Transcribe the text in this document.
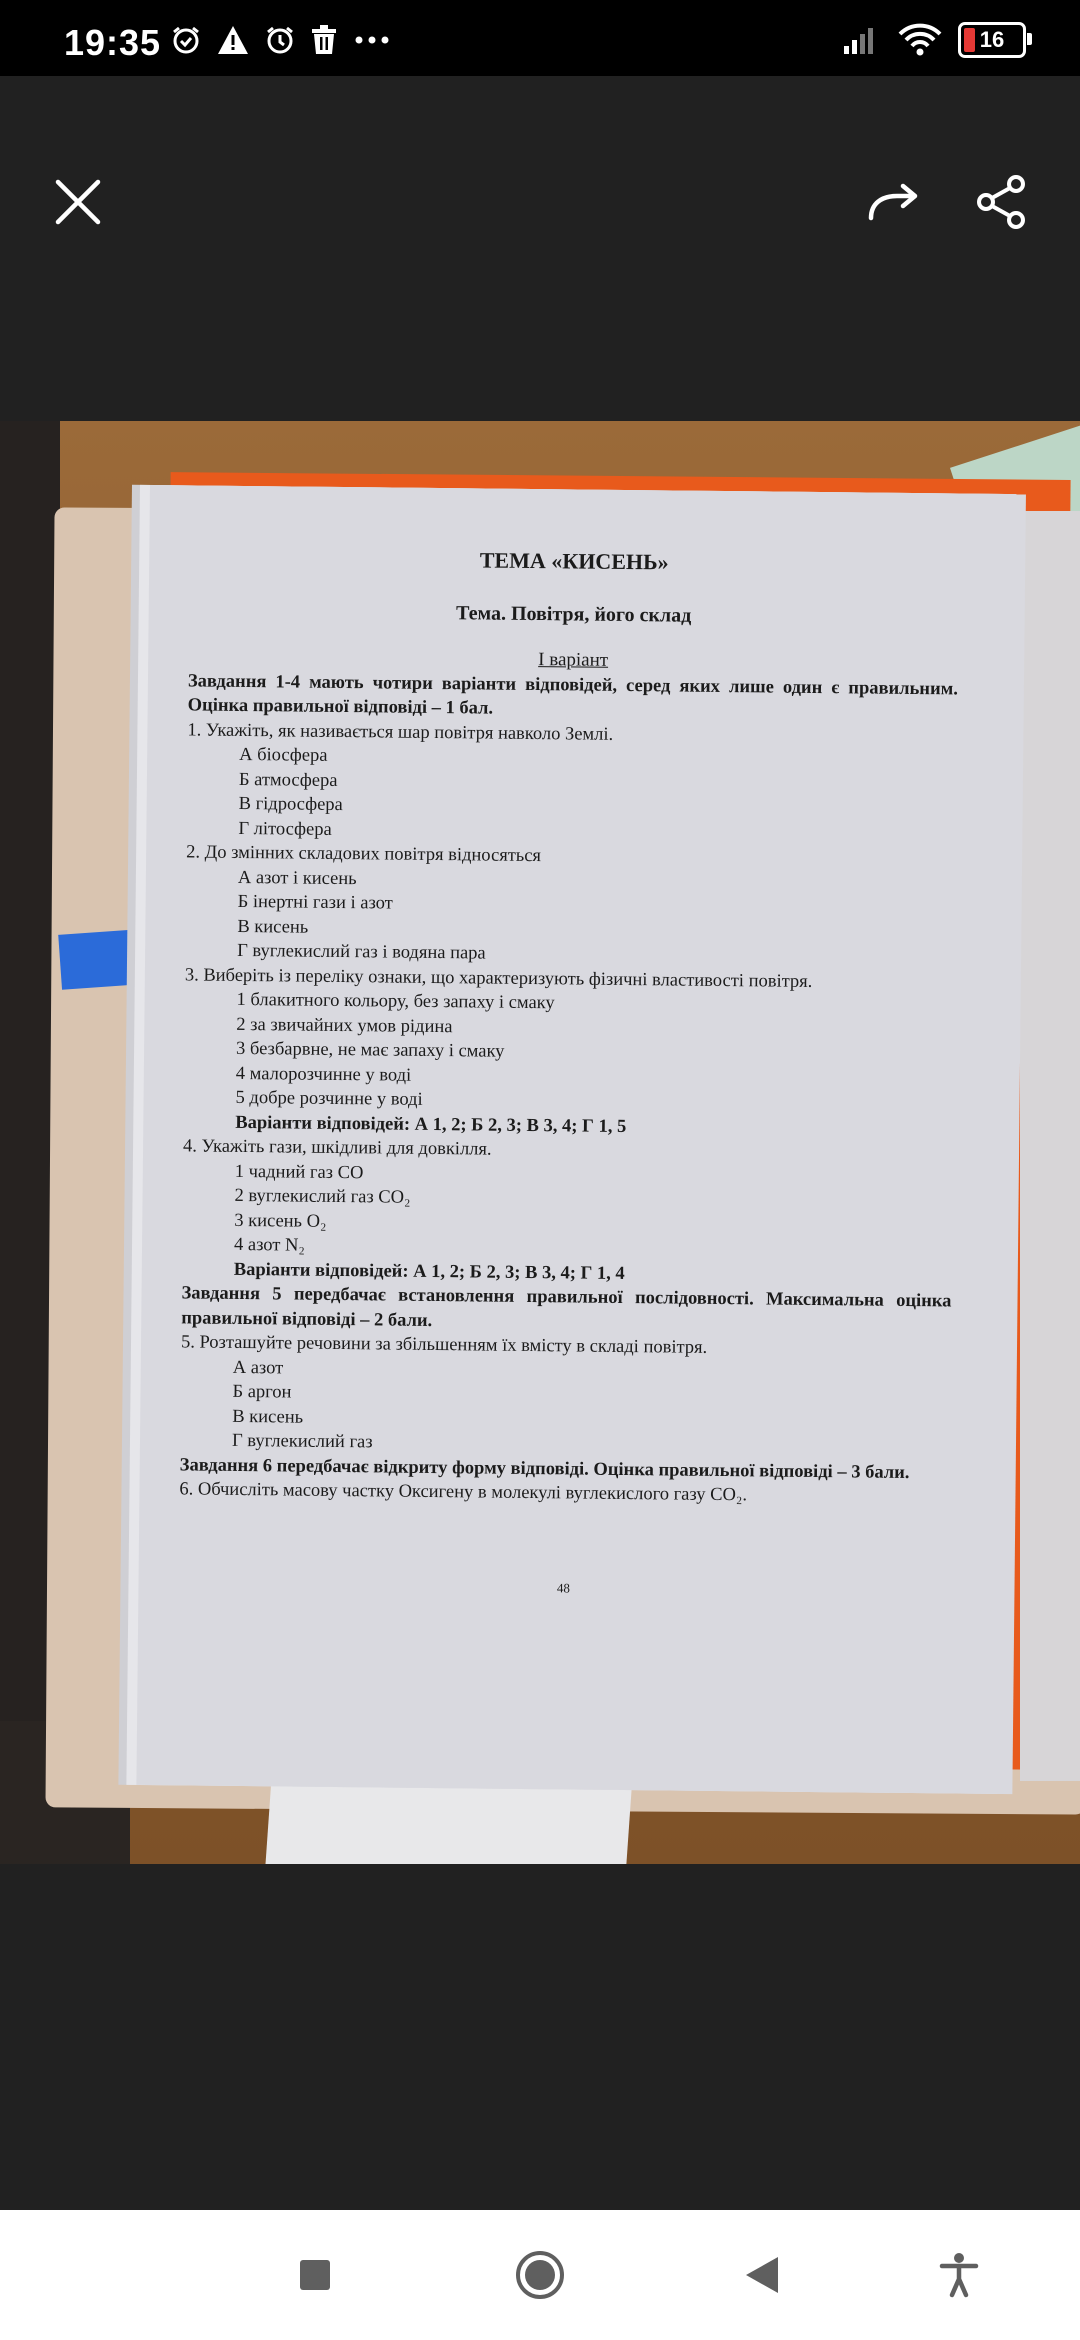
19:35	16

ТЕМА «КИСЕНЬ»

Тема. Повітря, його склад

І варіант

Завдання 1-4 мають чотири варіанти відповідей, серед яких лише один є правильним. Оцінка правильної відповіді – 1 бал.

1. Укажіть, як називається шар повітря навколо Землі.

А біосфера

Б атмосфера

В гідросфера

Г літосфера

2. До змінних складових повітря відносяться

А азот і кисень

Б інертні гази і азот

В кисень

Г вуглекислий газ і водяна пара

3. Виберіть із переліку ознаки, що характеризують фізичні властивості повітря.

1 блакитного кольору, без запаху і смаку

2 за звичайних умов рідина

3 безбарвне, не має запаху і смаку

4 малорозчинне у воді

5 добре розчинне у воді

Варіанти відповідей: А 1, 2; Б 2, 3; В 3, 4; Г 1, 5

4. Укажіть гази, шкідливі для довкілля.

1 чадний газ CO

2 вуглекислий газ CO₂

3 кисень O₂

4 азот N₂

Варіанти відповідей: А 1, 2; Б 2, 3; В 3, 4; Г 1, 4

Завдання 5 передбачає встановлення правильної послідовності. Максимальна оцінка правильної відповіді – 2 бали.

5. Розташуйте речовини за збільшенням їх вмісту в складі повітря.

А азот

Б аргон

В кисень

Г вуглекислий газ

Завдання 6 передбачає відкриту форму відповіді. Оцінка правильної відповіді – 3 бали.

6. Обчисліть масову частку Оксигену в молекулі вуглекислого газу CO₂.

48
